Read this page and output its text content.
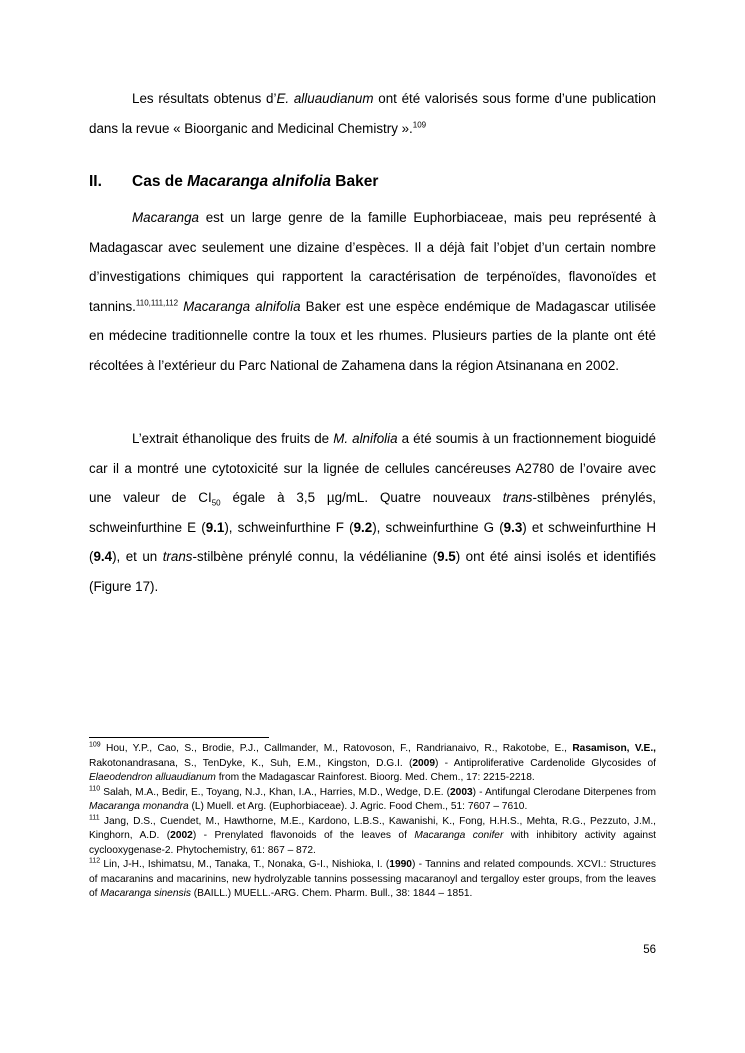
Les résultats obtenus d’E. alluaudianum ont été valorisés sous forme d’une publication dans la revue « Bioorganic and Medicinal Chemistry ».$^{109}$

II. Cas de Macaranga alnifolia Baker

Macaranga est un large genre de la famille Euphorbiaceae, mais peu représenté à Madagascar avec seulement une dizaine d’espèces. Il a déjà fait l’objet d’un certain nombre d’investigations chimiques qui rapportent la caractérisation de terpénoïdes, flavonoïdes et tannins.$^{110,111,112}$ Macaranga alnifolia Baker est une espèce endémique de Madagascar utilisée en médecine traditionnelle contre la toux et les rhumes. Plusieurs parties de la plante ont été récoltées à l’extérieur du Parc National de Zahamena dans la région Atsinanana en 2002.

L’extrait éthanolique des fruits de M. alnifolia a été soumis à un fractionnement bioguidé car il a montré une cytotoxicité sur la lignée de cellules cancéreuses A2780 de l’ovaire avec une valeur de $CI_{50}$ égale à 3,5 µg/mL. Quatre nouveaux trans-stilbènes prénylés, schweinfurthine E (9.1), schweinfurthine F (9.2), schweinfurthine G (9.3) et schweinfurthine H (9.4), et un trans-stilbène prénylé connu, la védélianine (9.5) ont été ainsi isolés et identifiés (Figure 17).

$^{109}$ Hou, Y.P., Cao, S., Brodie, P.J., Callmander, M., Ratovoson, F., Randrianaivo, R., Rakotobe, E., Rasamison, V.E., Rakotonandrasana, S., TenDyke, K., Suh, E.M., Kingston, D.G.I. (2009) - Antiproliferative Cardenolide Glycosides of Elaeodendron alluaudianum from the Madagascar Rainforest. Bioorg. Med. Chem., 17: 2215-2218.

$^{110}$ Salah, M.A., Bedir, E., Toyang, N.J., Khan, I.A., Harries, M.D., Wedge, D.E. (2003) - Antifungal Clerodane Diterpenes from Macaranga monandra (L) Muell. et Arg. (Euphorbiaceae). J. Agric. Food Chem., 51: 7607 – 7610.

$^{111}$ Jang, D.S., Cuendet, M., Hawthorne, M.E., Kardono, L.B.S., Kawanishi, K., Fong, H.H.S., Mehta, R.G., Pezzuto, J.M., Kinghorn, A.D. (2002) - Prenylated flavonoids of the leaves of Macaranga conifer with inhibitory activity against cyclooxygenase-2. Phytochemistry, 61: 867 – 872.

$^{112}$ Lin, J-H., Ishimatsu, M., Tanaka, T., Nonaka, G-I., Nishioka, I. (1990) - Tannins and related compounds. XCVI.: Structures of macaranins and macarinins, new hydrolyzable tannins possessing macaranoyl and tergalloy ester groups, from the leaves of Macaranga sinensis (BAILL.) MUELL.-ARG. Chem. Pharm. Bull., 38: 1844 – 1851.

56
